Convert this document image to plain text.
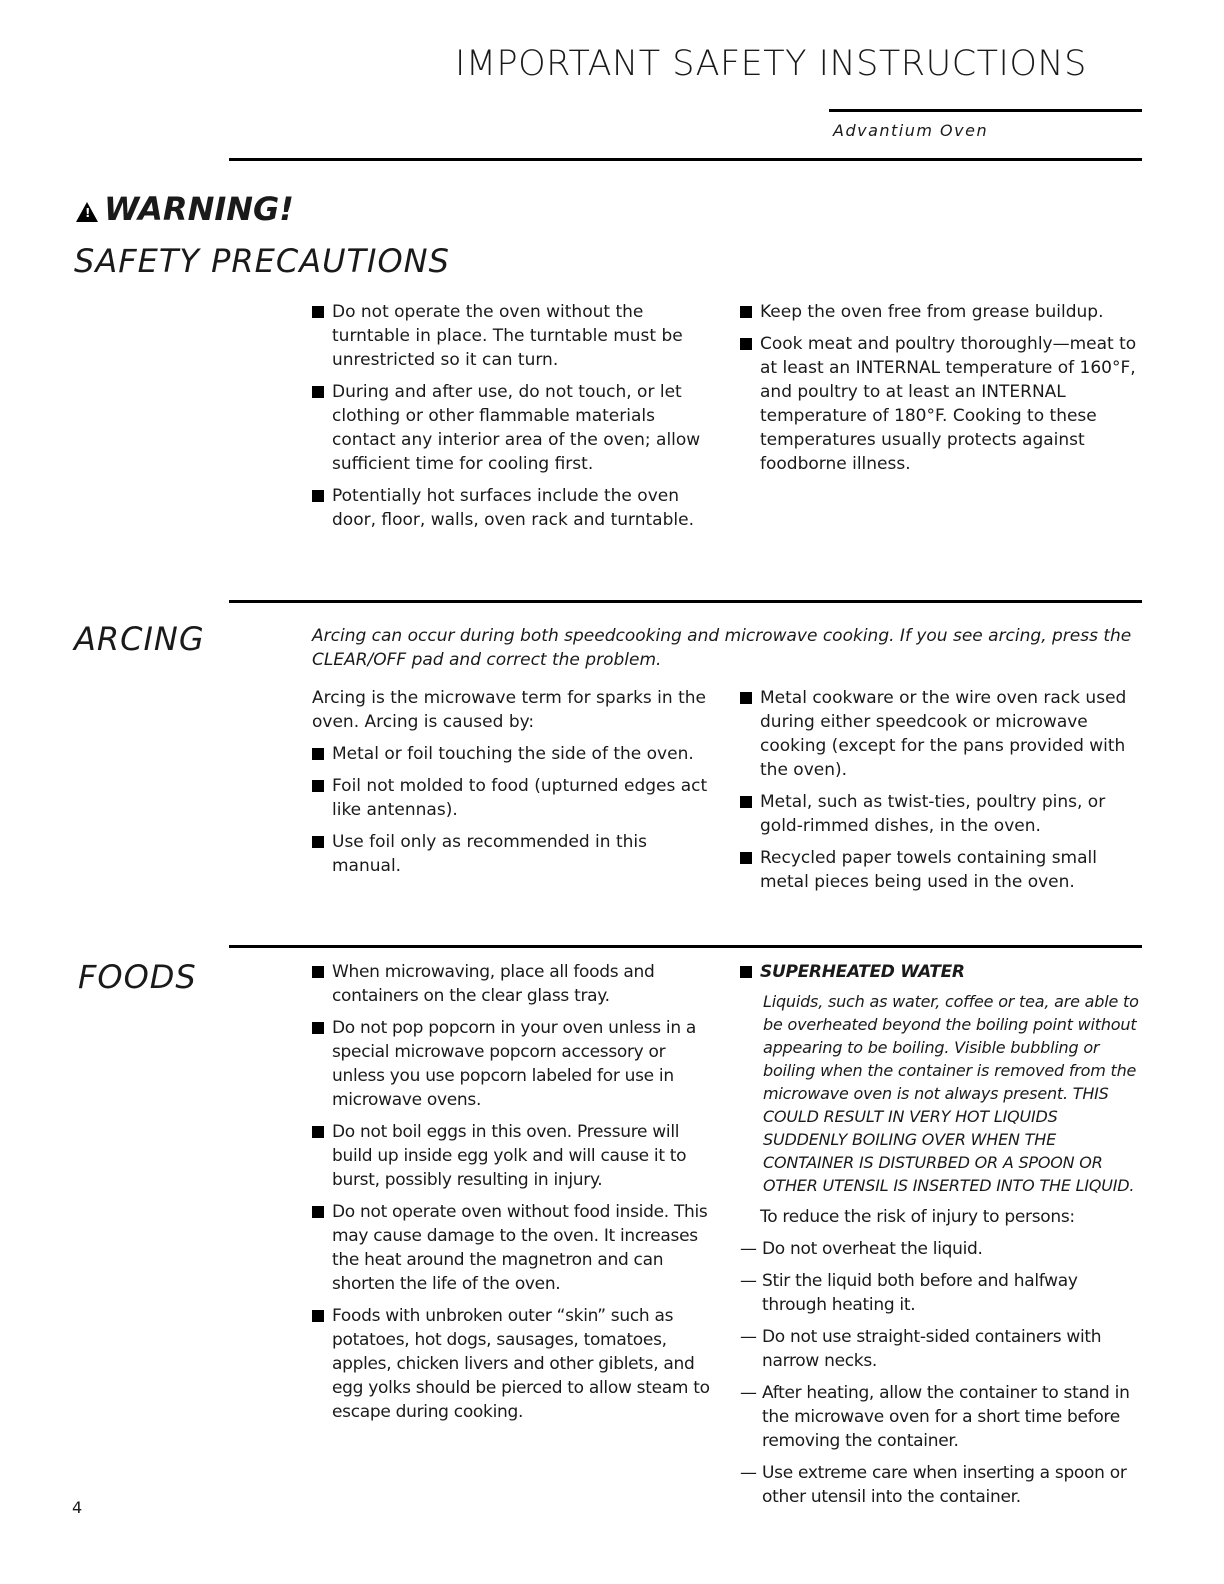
IMPORTANT SAFETY INSTRUCTIONS
Advantium Oven
! WARNING!
SAFETY PRECAUTIONS
Do not operate the oven without the turntable in place. The turntable must be unrestricted so it can turn.
During and after use, do not touch, or let clothing or other flammable materials contact any interior area of the oven; allow sufficient time for cooling first.
Potentially hot surfaces include the oven door, floor, walls, oven rack and turntable.
Keep the oven free from grease buildup.
Cook meat and poultry thoroughly—meat to at least an INTERNAL temperature of 160°F, and poultry to at least an INTERNAL temperature of 180°F. Cooking to these temperatures usually protects against foodborne illness.
ARCING	Arcing can occur during both speedcooking and microwave cooking. If you see arcing, press the CLEAR/OFF pad and correct the problem.

Arcing is the microwave term for sparks in the oven. Arcing is caused by:

Metal or foil touching the side of the oven.
Foil not molded to food (upturned edges act like antennas).
Use foil only as recommended in this manual.
Metal cookware or the wire oven rack used during either speedcook or microwave cooking (except for the pans provided with the oven).
Metal, such as twist-ties, poultry pins, or gold-rimmed dishes, in the oven.
Recycled paper towels containing small metal pieces being used in the oven.
FOODS	When microwaving, place all foods and containers on the clear glass tray.
Do not pop popcorn in your oven unless in a special microwave popcorn accessory or unless you use popcorn labeled for use in microwave ovens.
Do not boil eggs in this oven. Pressure will build up inside egg yolk and will cause it to burst, possibly resulting in injury.
Do not operate oven without food inside. This may cause damage to the oven. It increases the heat around the magnetron and can shorten the life of the oven.
Foods with unbroken outer “skin” such as potatoes, hot dogs, sausages, tomatoes, apples, chicken livers and other giblets, and egg yolks should be pierced to allow steam to escape during cooking.
SUPERHEATED WATER
Liquids, such as water, coffee or tea, are able to be overheated beyond the boiling point without appearing to be boiling. Visible bubbling or boiling when the container is removed from the microwave oven is not always present. THIS COULD RESULT IN VERY HOT LIQUIDS SUDDENLY BOILING OVER WHEN THE CONTAINER IS DISTURBED OR A SPOON OR OTHER UTENSIL IS INSERTED INTO THE LIQUID.

To reduce the risk of injury to persons:

— Do not overheat the liquid.
— Stir the liquid both before and halfway through heating it.
— Do not use straight-sided containers with narrow necks.
— After heating, allow the container to stand in the microwave oven for a short time before removing the container.
— Use extreme care when inserting a spoon or other utensil into the container.
4
